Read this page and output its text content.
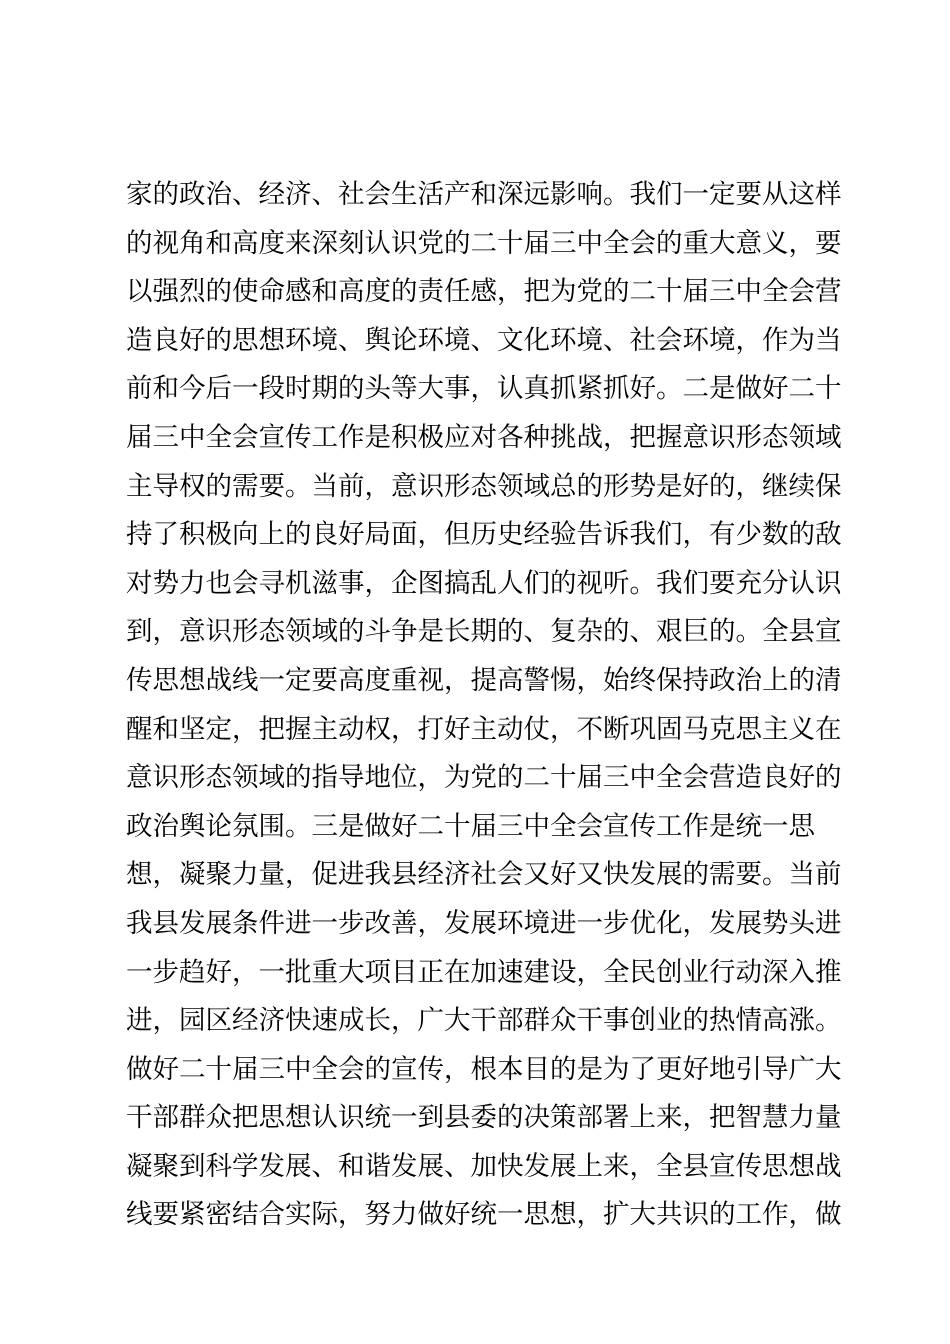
家的政治、经济、社会生活产和深远影响。我们一定要从这样
的视角和高度来深刻认识党的二十届三中全会的重大意义，要
以强烈的使命感和高度的责任感，把为党的二十届三中全会营
造良好的思想环境、舆论环境、文化环境、社会环境，作为当
前和今后一段时期的头等大事，认真抓紧抓好。二是做好二十
届三中全会宣传工作是积极应对各种挑战，把握意识形态领域
主导权的需要。当前，意识形态领域总的形势是好的，继续保
持了积极向上的良好局面，但历史经验告诉我们，有少数的敌
对势力也会寻机滋事，企图搞乱人们的视听。我们要充分认识
到，意识形态领域的斗争是长期的、复杂的、艰巨的。全县宣
传思想战线一定要高度重视，提高警惕，始终保持政治上的清
醒和坚定，把握主动权，打好主动仗，不断巩固马克思主义在
意识形态领域的指导地位，为党的二十届三中全会营造良好的
政治舆论氛围。三是做好二十届三中全会宣传工作是统一思
想，凝聚力量，促进我县经济社会又好又快发展的需要。当前
我县发展条件进一步改善，发展环境进一步优化，发展势头进
一步趋好，一批重大项目正在加速建设，全民创业行动深入推
进，园区经济快速成长，广大干部群众干事创业的热情高涨。
做好二十届三中全会的宣传，根本目的是为了更好地引导广大
干部群众把思想认识统一到县委的决策部署上来，把智慧力量
凝聚到科学发展、和谐发展、加快发展上来，全县宣传思想战
线要紧密结合实际，努力做好统一思想，扩大共识的工作，做
